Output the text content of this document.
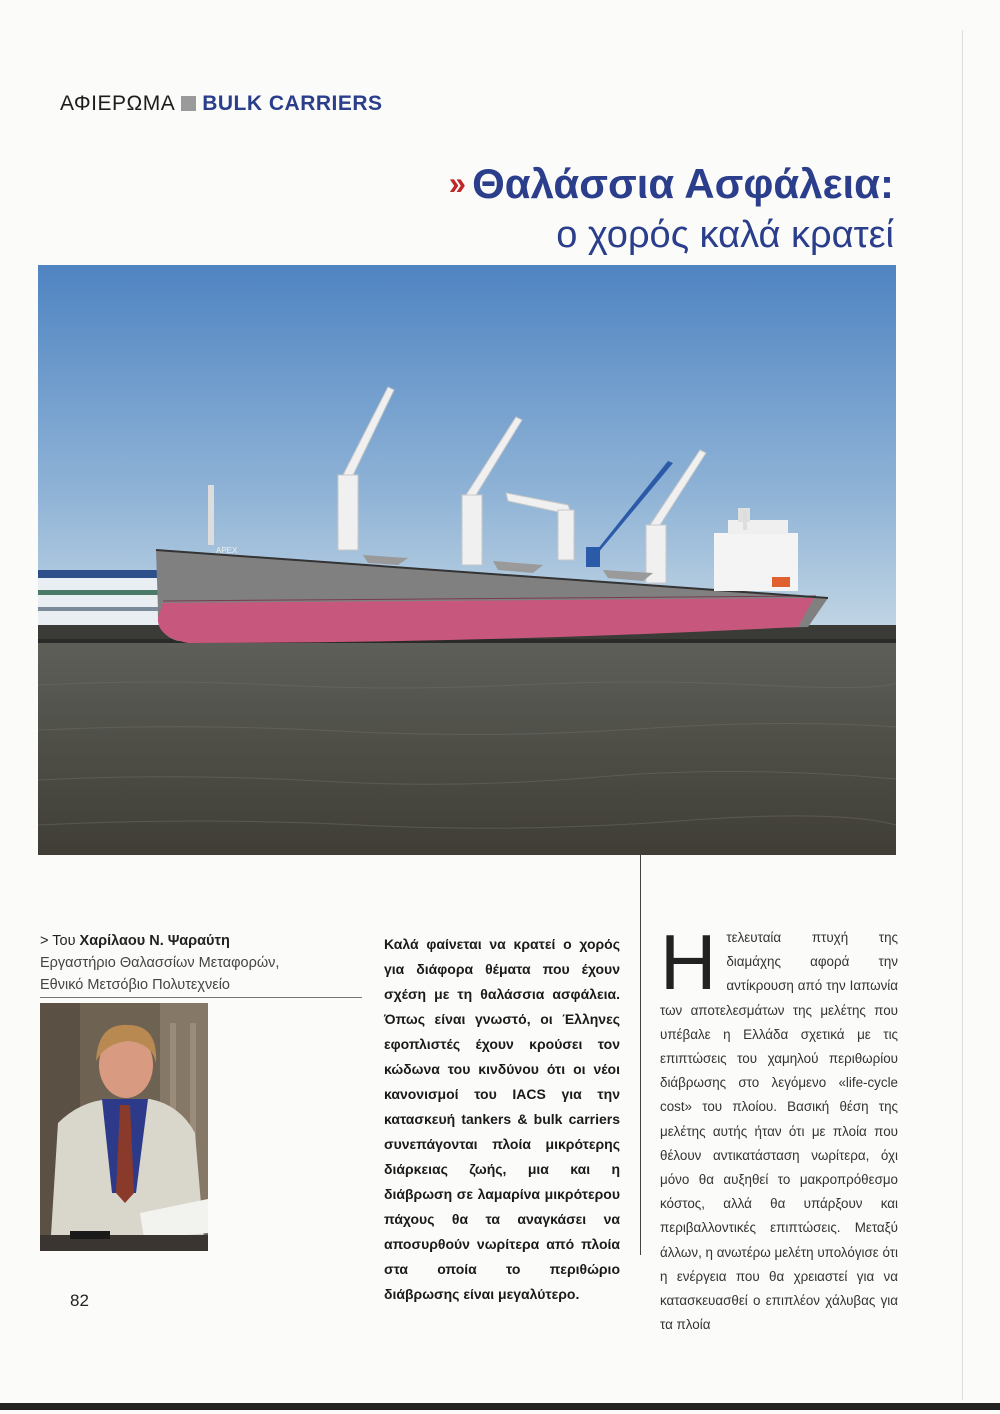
ΑΦΙΕΡΩΜΑ BULK CARRIERS
›› Θαλάσσια Ασφάλεια:
ο χορός καλά κρατεί
APEX
> Του Χαρίλαου Ν. Ψαραύτη
Εργαστήριο Θαλασσίων Μεταφορών,
Εθνικό Μετσόβιο Πολυτεχνείο
Καλά φαίνεται να κρατεί ο χορός για διάφορα θέματα που έχουν σχέση με τη θαλάσσια ασφάλεια. Όπως είναι γνωστό, οι Έλληνες εφοπλιστές έχουν κρούσει τον κώδωνα του κινδύνου ότι οι νέοι κανονισμοί του IACS για την κατασκευή tankers & bulk carriers συνεπάγονται πλοία μικρότερης διάρκειας ζωής, μια και η διάβρωση σε λαμαρίνα μικρότερου πάχους θα τα αναγκάσει να αποσυρθούν νωρίτερα από πλοία στα οποία το περιθώριο διάβρωσης είναι μεγαλύτερο.
Ητελευταία πτυχή της διαμάχης αφορά την αντίκρουση από την Ιαπωνία των αποτελεσμάτων της μελέτης που υπέβαλε η Ελλάδα σχετικά με τις επιπτώσεις του χαμηλού περιθωρίου διάβρωσης στο λεγόμενο «life-cycle cost» του πλοίου. Βασική θέση της μελέτης αυτής ήταν ότι με πλοία που θέλουν αντικατάσταση νωρίτερα, όχι μόνο θα αυξηθεί το μακροπρόθεσμο κόστος, αλλά θα υπάρξουν και περιβαλλοντικές επιπτώσεις. Μεταξύ άλλων, η ανωτέρω μελέτη υπολόγισε ότι η ενέργεια που θα χρειαστεί για να κατασκευασθεί ο επιπλέον χάλυβας για τα πλοία
82
